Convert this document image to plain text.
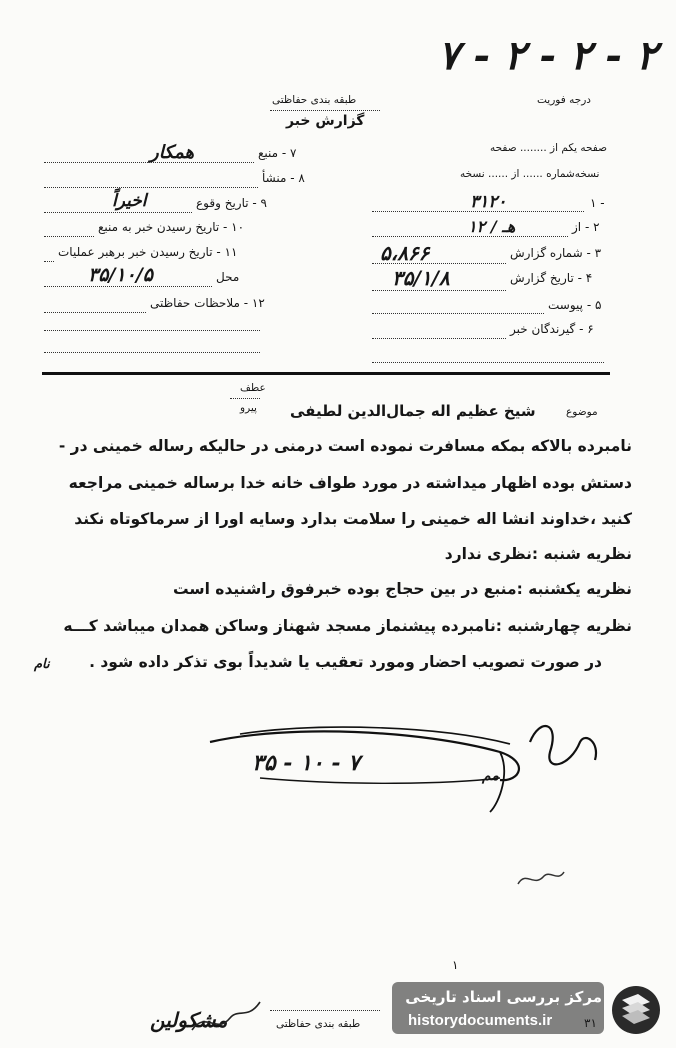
۷ - ۲ - ۲ - ۲
درجه فوریت
طبقه بندی حفاظتی
گزارش خبر
صفحه یکم از ........ صفحه
نسخه‌شماره ...... از ...... نسخه
۱ -
۳۱۲۰
۲ - از
۱۲ / هـ
۳ - شماره گزارش
۵،۸۶۶
۴ - تاریخ گزارش
۳۵/۱/۸
۵ - پیوست
۶ - گیرندگان خبر
۷ - منبع
همکار
۸ - منشأ
۹ - تاریخ وقوع
اخیراً
۱۰ - تاریخ رسیدن خبر به منبع
۱۱ - تاریخ رسیدن خبر برهبر عملیات
محل
۳۵/۱۰/۵
۱۲ - ملاحظات حفاظتی
عطف
پیرو	موضوع
شیخ عظیم اله جمال‌الدین لطیفی
نامبرده بالاکه بمکه مسافرت نموده است درمنی در حالیکه رساله خمینی در -
دستش بوده اظهار میداشته در مورد طواف خانه خدا برساله خمینی مراجعه
کنید ،خداوند انشا اله خمینی را سلامت بدارد وسایه اورا از سرماکوتاه نکند
نظریه شنبه :نظری ندارد
نظریه یکشنبه :منبع در بین حجاج بوده خبرفوق راشنیده است
نظریه چهارشنبه :نامبرده پیشنماز مسجد شهناز وساکن همدان میباشد کـــه
در صورت تصویب احضار ومورد تعقیب یا شدیداً بوی تذکر داده شود .
نام
۳۵ - ۱۰ - ۷	مم
۱
طبقه بندی حفاظتی
مشکولین
مرکز بررسی اسناد تاریخی
historydocuments.ir
